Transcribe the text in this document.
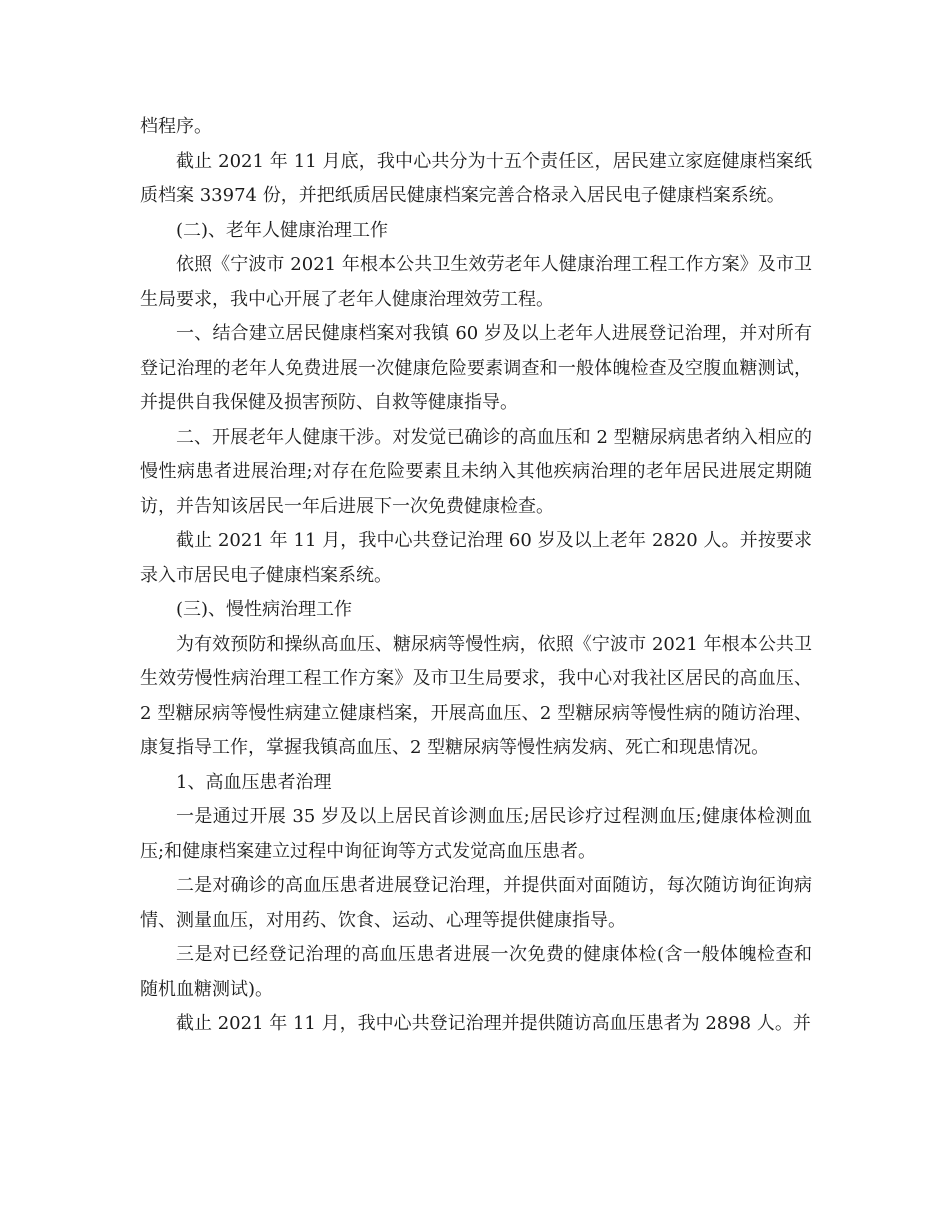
档程序。

截止 2021 年 11 月底，我中心共分为十五个责任区，居民建立家庭健康档案纸质档案 33974 份，并把纸质居民健康档案完善合格录入居民电子健康档案系统。

(二)、老年人健康治理工作

依照《宁波市 2021 年根本公共卫生效劳老年人健康治理工程工作方案》及市卫生局要求，我中心开展了老年人健康治理效劳工程。

一、结合建立居民健康档案对我镇 60 岁及以上老年人进展登记治理，并对所有登记治理的老年人免费进展一次健康危险要素调查和一般体魄检查及空腹血糖测试，并提供自我保健及损害预防、自救等健康指导。

二、开展老年人健康干涉。对发觉已确诊的高血压和 2 型糖尿病患者纳入相应的慢性病患者进展治理;对存在危险要素且未纳入其他疾病治理的老年居民进展定期随访，并告知该居民一年后进展下一次免费健康检查。

截止 2021 年 11 月，我中心共登记治理 60 岁及以上老年 2820 人。并按要求录入市居民电子健康档案系统。

(三)、慢性病治理工作

为有效预防和操纵高血压、糖尿病等慢性病，依照《宁波市 2021 年根本公共卫生效劳慢性病治理工程工作方案》及市卫生局要求，我中心对我社区居民的高血压、2 型糖尿病等慢性病建立健康档案，开展高血压、2 型糖尿病等慢性病的随访治理、康复指导工作，掌握我镇高血压、2 型糖尿病等慢性病发病、死亡和现患情况。

1、高血压患者治理

一是通过开展 35 岁及以上居民首诊测血压;居民诊疗过程测血压;健康体检测血压;和健康档案建立过程中询征询等方式发觉高血压患者。

二是对确诊的高血压患者进展登记治理，并提供面对面随访，每次随访询征询病情、测量血压，对用药、饮食、运动、心理等提供健康指导。

三是对已经登记治理的高血压患者进展一次免费的健康体检(含一般体魄检查和随机血糖测试)。

截止 2021 年 11 月，我中心共登记治理并提供随访高血压患者为 2898 人。并
